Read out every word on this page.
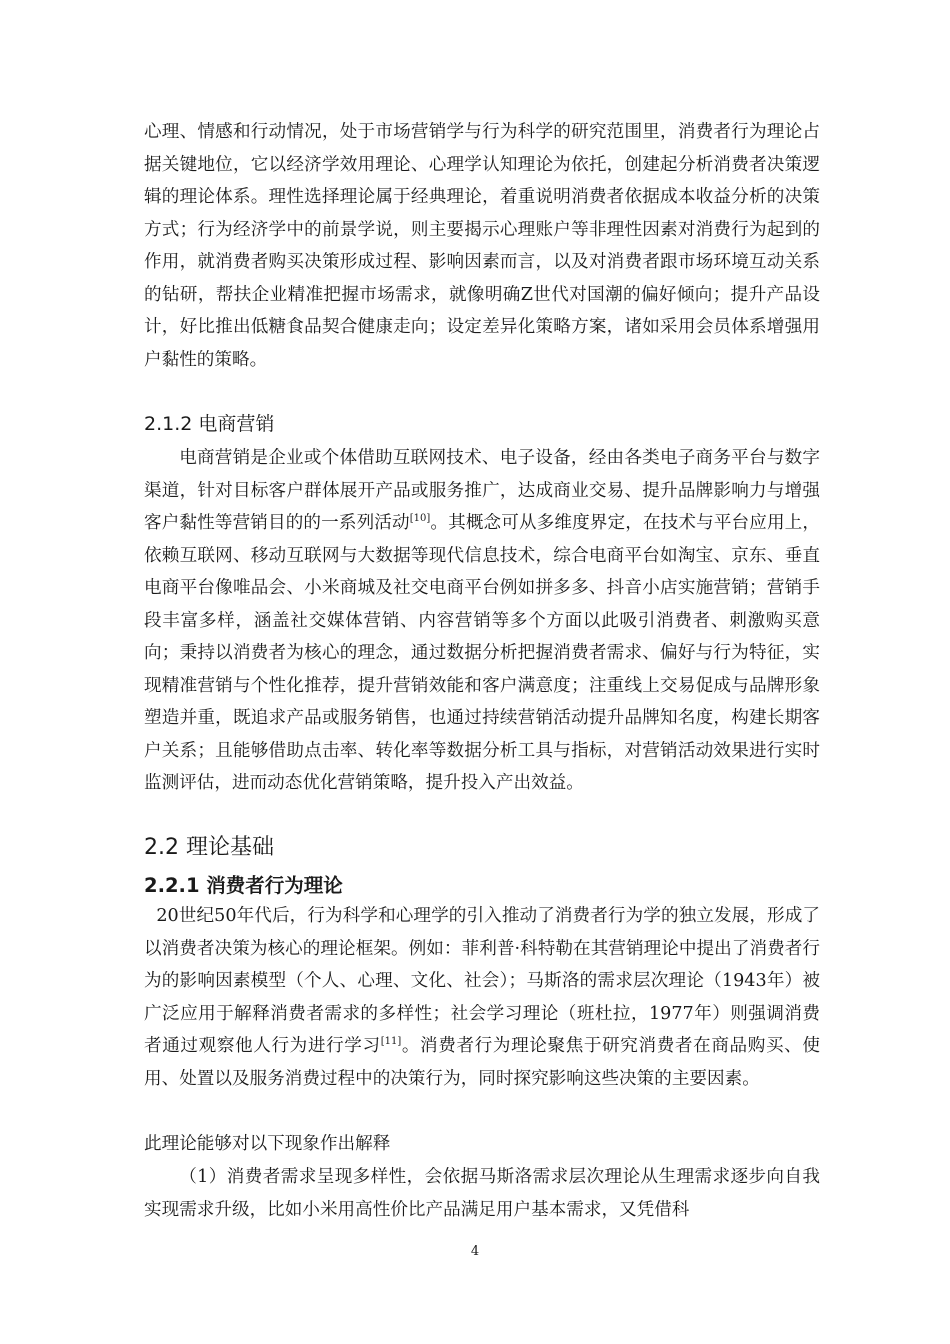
心理、情感和行动情况，处于市场营销学与行为科学的研究范围里，消费者行为理论占据关键地位，它以经济学效用理论、心理学认知理论为依托，创建起分析消费者决策逻辑的理论体系。理性选择理论属于经典理论，着重说明消费者依据成本收益分析的决策方式；行为经济学中的前景学说，则主要揭示心理账户等非理性因素对消费行为起到的作用，就消费者购买决策形成过程、影响因素而言，以及对消费者跟市场环境互动关系的钻研，帮扶企业精准把握市场需求，就像明确Z世代对国潮的偏好倾向；提升产品设计，好比推出低糖食品契合健康走向；设定差异化策略方案，诸如采用会员体系增强用户黏性的策略。

2.1.2 电商营销

电商营销是企业或个体借助互联网技术、电子设备，经由各类电子商务平台与数字渠道，针对目标客户群体展开产品或服务推广，达成商业交易、提升品牌影响力与增强客户黏性等营销目的的一系列活动[10]。其概念可从多维度界定，在技术与平台应用上，依赖互联网、移动互联网与大数据等现代信息技术，综合电商平台如淘宝、京东、垂直电商平台像唯品会、小米商城及社交电商平台例如拼多多、抖音小店实施营销；营销手段丰富多样，涵盖社交媒体营销、内容营销等多个方面以此吸引消费者、刺激购买意向；秉持以消费者为核心的理念，通过数据分析把握消费者需求、偏好与行为特征，实现精准营销与个性化推荐，提升营销效能和客户满意度；注重线上交易促成与品牌形象塑造并重，既追求产品或服务销售，也通过持续营销活动提升品牌知名度，构建长期客户关系；且能够借助点击率、转化率等数据分析工具与指标，对营销活动效果进行实时监测评估，进而动态优化营销策略，提升投入产出效益。

2.2 理论基础
2.2.1 消费者行为理论

20世纪50年代后，行为科学和心理学的引入推动了消费者行为学的独立发展，形成了以消费者决策为核心的理论框架。例如：菲利普·科特勒在其营销理论中提出了消费者行为的影响因素模型（个人、心理、文化、社会）；马斯洛的需求层次理论（1943年）被广泛应用于解释消费者需求的多样性；社会学习理论（班杜拉，1977年）则强调消费者通过观察他人行为进行学习[11]。消费者行为理论聚焦于研究消费者在商品购买、使用、处置以及服务消费过程中的决策行为，同时探究影响这些决策的主要因素。

此理论能够对以下现象作出解释

（1）消费者需求呈现多样性，会依据马斯洛需求层次理论从生理需求逐步向自我实现需求升级，比如小米用高性价比产品满足用户基本需求，又凭借科

4
